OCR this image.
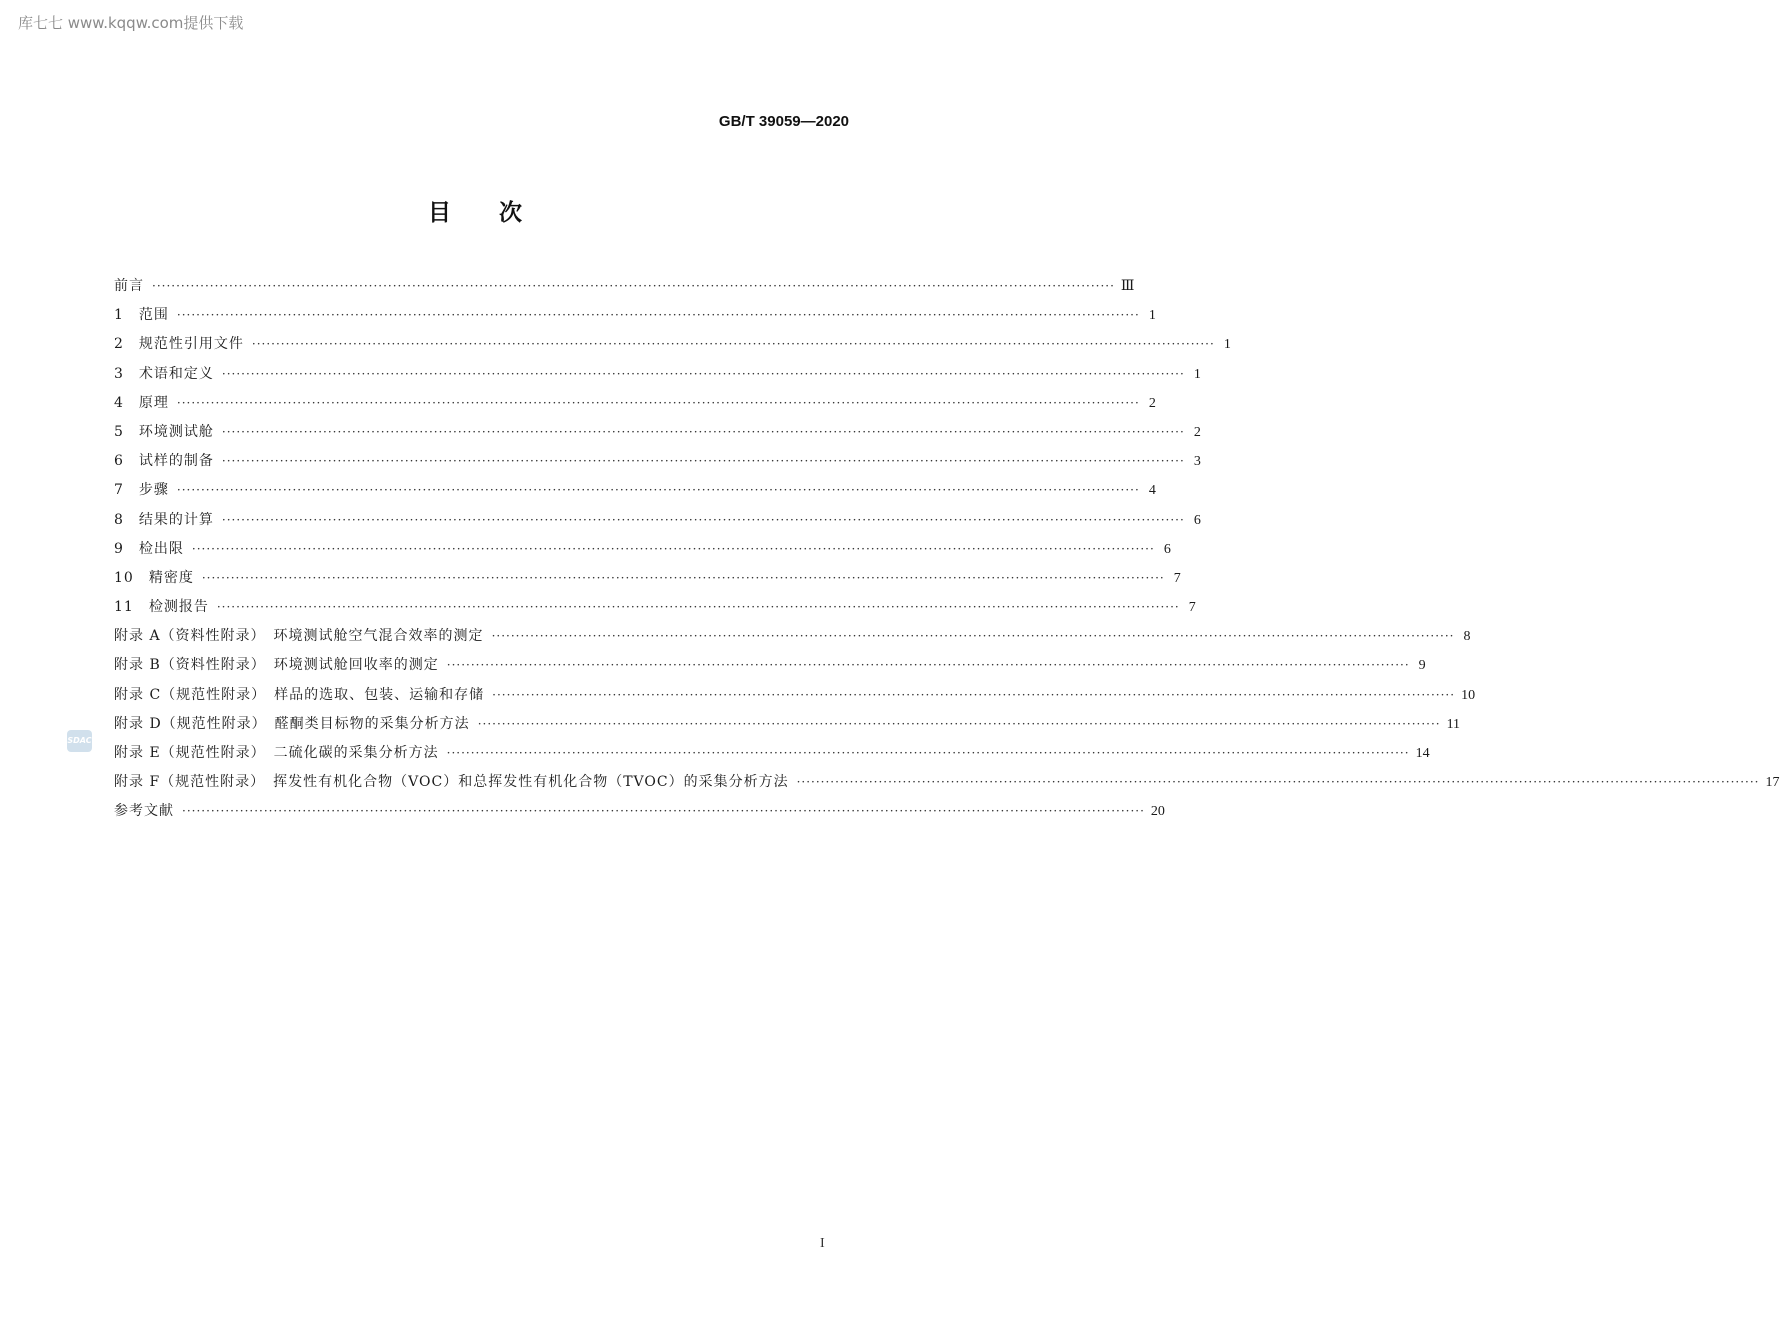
库七七 www.kqqw.com提供下载
GB/T 39059—2020
目次
前言 ········································································································································································································ Ⅲ
1　范围 ········································································································································································································ 1
2　规范性引用文件 ········································································································································································································ 1
3　术语和定义 ········································································································································································································ 1
4　原理 ········································································································································································································ 2
5　环境测试舱 ········································································································································································································ 2
6　试样的制备 ········································································································································································································ 3
7　步骤 ········································································································································································································ 4
8　结果的计算 ········································································································································································································ 6
9　检出限 ········································································································································································································ 6
10　精密度 ········································································································································································································ 7
11　检测报告 ········································································································································································································ 7
附录 A（资料性附录）　环境测试舱空气混合效率的测定 ········································································································································································································ 8
附录 B（资料性附录）　环境测试舱回收率的测定 ········································································································································································································ 9
附录 C（规范性附录）　样品的选取、包装、运输和存储 ········································································································································································································ 10
附录 D（规范性附录）　醛酮类目标物的采集分析方法 ········································································································································································································ 11
附录 E（规范性附录）　二硫化碳的采集分析方法 ········································································································································································································ 14
附录 F（规范性附录）　挥发性有机化合物（VOC）和总挥发性有机化合物（TVOC）的采集分析方法 ········································································································································································································ 17
参考文献 ········································································································································································································ 20
SDAC
I
